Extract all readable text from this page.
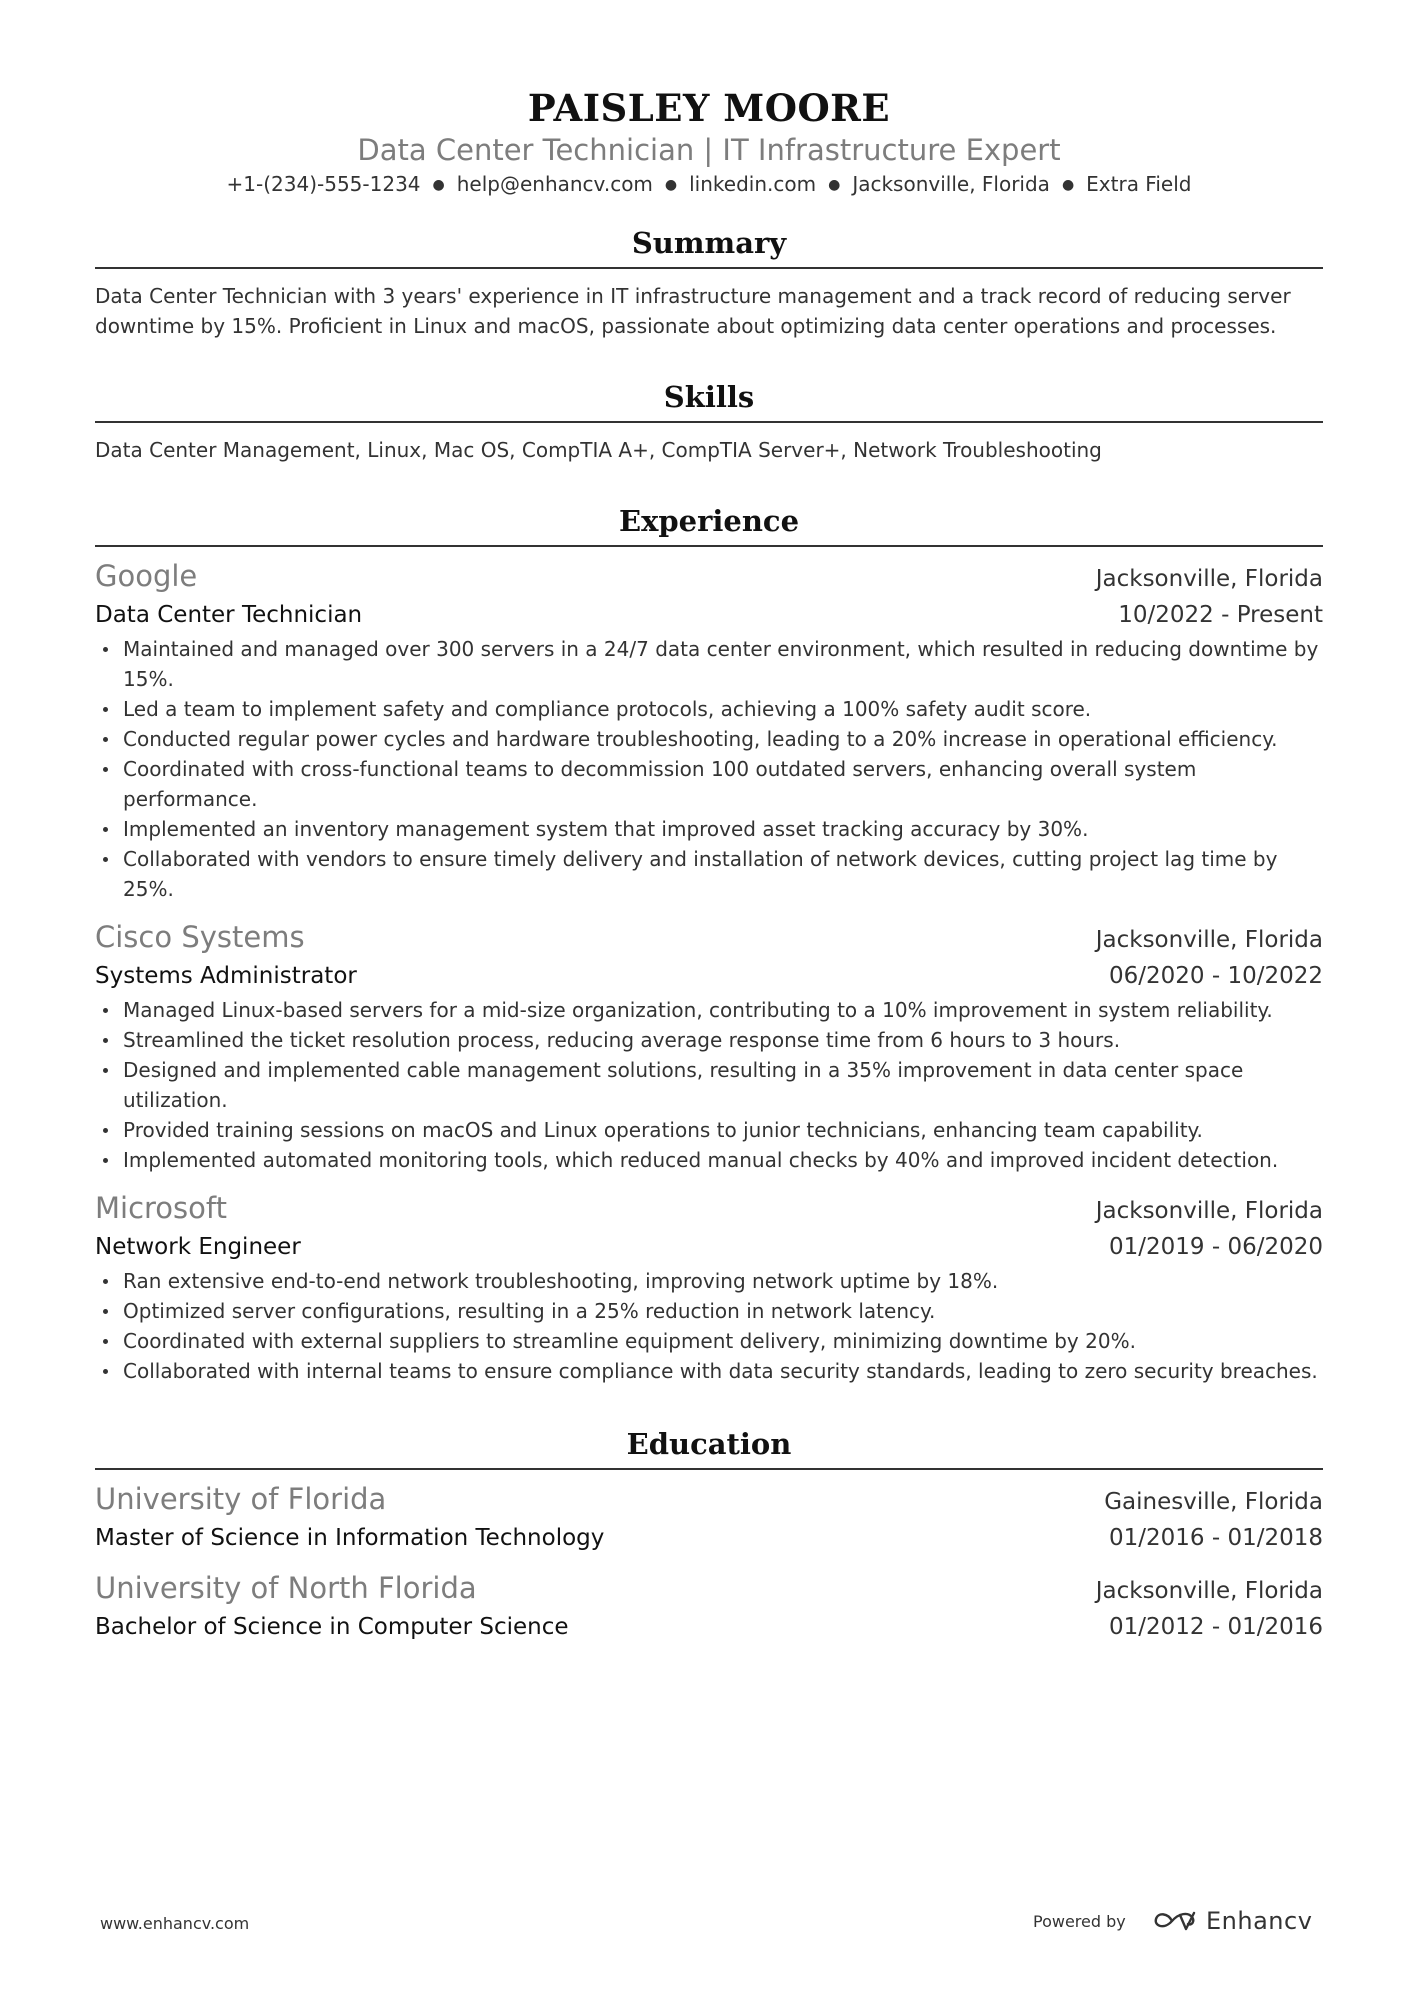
PAISLEY MOORE
Data Center Technician | IT Infrastructure Expert
+1-(234)-555-1234 ● help@enhancv.com ● linkedin.com ● Jacksonville, Florida ● Extra Field
Summary
Data Center Technician with 3 years' experience in IT infrastructure management and a track record of reducing server downtime by 15%. Proficient in Linux and macOS, passionate about optimizing data center operations and processes.
Skills
Data Center Management, Linux, Mac OS, CompTIA A+, CompTIA Server+, Network Troubleshooting
Experience
Google	Jacksonville, Florida
Data Center Technician	10/2022 - Present
Maintained and managed over 300 servers in a 24/7 data center environment, which resulted in reducing downtime by 15%.
Led a team to implement safety and compliance protocols, achieving a 100% safety audit score.
Conducted regular power cycles and hardware troubleshooting, leading to a 20% increase in operational efficiency.
Coordinated with cross-functional teams to decommission 100 outdated servers, enhancing overall system performance.
Implemented an inventory management system that improved asset tracking accuracy by 30%.
Collaborated with vendors to ensure timely delivery and installation of network devices, cutting project lag time by 25%.
Cisco Systems	Jacksonville, Florida
Systems Administrator	06/2020 - 10/2022
Managed Linux-based servers for a mid-size organization, contributing to a 10% improvement in system reliability.
Streamlined the ticket resolution process, reducing average response time from 6 hours to 3 hours.
Designed and implemented cable management solutions, resulting in a 35% improvement in data center space utilization.
Provided training sessions on macOS and Linux operations to junior technicians, enhancing team capability.
Implemented automated monitoring tools, which reduced manual checks by 40% and improved incident detection.
Microsoft	Jacksonville, Florida
Network Engineer	01/2019 - 06/2020
Ran extensive end-to-end network troubleshooting, improving network uptime by 18%.
Optimized server configurations, resulting in a 25% reduction in network latency.
Coordinated with external suppliers to streamline equipment delivery, minimizing downtime by 20%.
Collaborated with internal teams to ensure compliance with data security standards, leading to zero security breaches.
Education
University of Florida	Gainesville, Florida
Master of Science in Information Technology	01/2016 - 01/2018
University of North Florida	Jacksonville, Florida
Bachelor of Science in Computer Science	01/2012 - 01/2016
www.enhancv.com	Powered by	Enhancv
